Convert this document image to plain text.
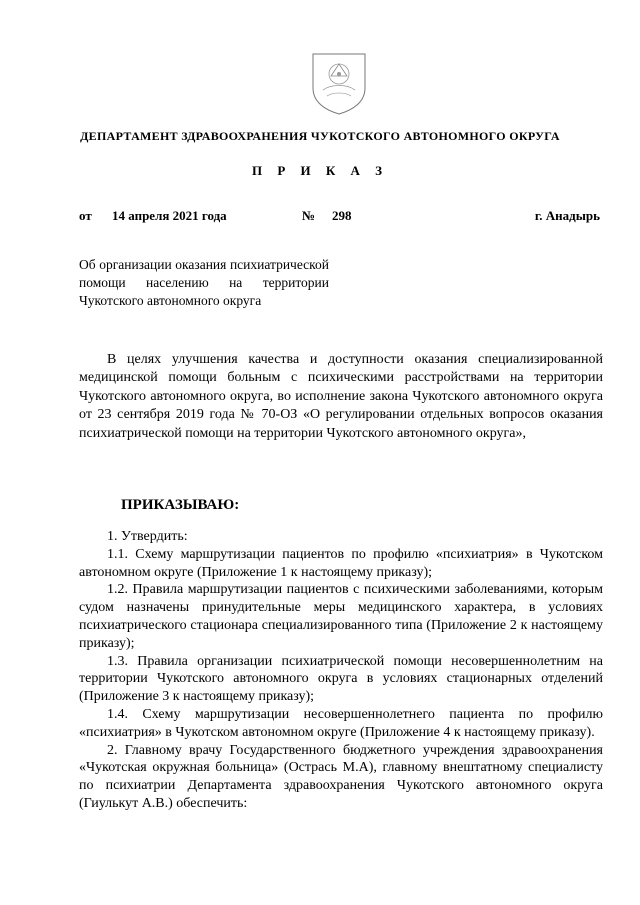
ДЕПАРТАМЕНТ ЗДРАВООХРАНЕНИЯ ЧУКОТСКОГО АВТОНОМНОГО ОКРУГА
П Р И К А З
от 14 апреля 2021 года	№ 298	г. Анадырь
Об организации оказания психиатрической помощи населению на территории Чукотского автономного округа
В целях улучшения качества и доступности оказания специализированной медицинской помощи больным с психическими расстройствами на территории Чукотского автономного округа, во исполнение закона Чукотского автономного округа от 23 сентября 2019 года № 70-ОЗ «О регулировании отдельных вопросов оказания психиатрической помощи на территории Чукотского автономного округа»,
ПРИКАЗЫВАЮ:

1. Утвердить:

1.1. Схему маршрутизации пациентов по профилю «психиатрия» в Чукотском автономном округе (Приложение 1 к настоящему приказу);

1.2. Правила маршрутизации пациентов с психическими заболеваниями, которым судом назначены принудительные меры медицинского характера, в условиях психиатрического стационара специализированного типа (Приложение 2 к настоящему приказу);

1.3. Правила организации психиатрической помощи несовершеннолетним на территории Чукотского автономного округа в условиях стационарных отделений (Приложение 3 к настоящему приказу);

1.4. Схему маршрутизации несовершеннолетнего пациента по профилю «психиатрия» в Чукотском автономном округе (Приложение 4 к настоящему приказу).

2. Главному врачу Государственного бюджетного учреждения здравоохранения «Чукотская окружная больница» (Острась М.А), главному внештатному специалисту по психиатрии Департамента здравоохранения Чукотского автономного округа (Гиулькут А.В.) обеспечить:
